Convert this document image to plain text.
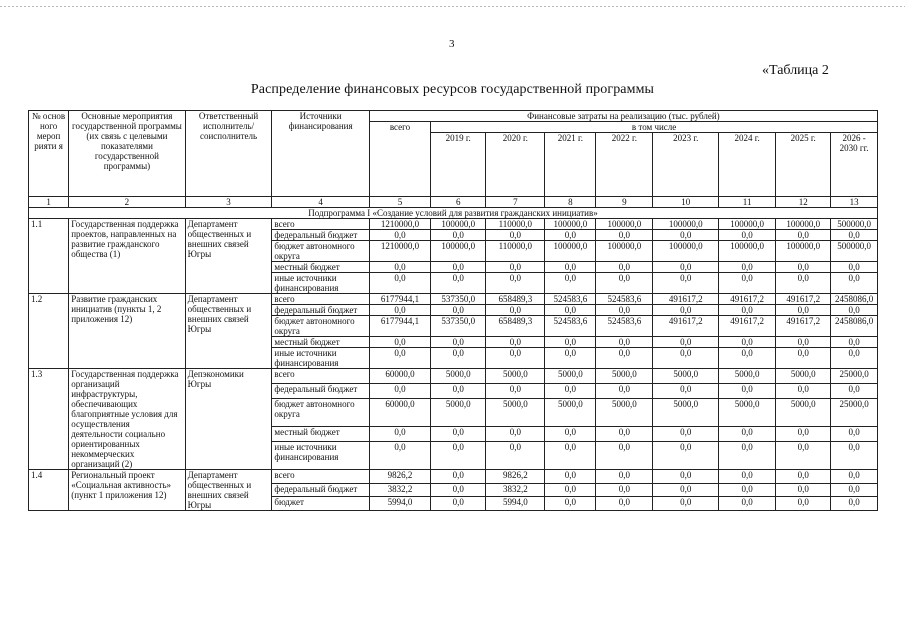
3
«Таблица 2
Распределение финансовых ресурсов государственной программы
№ основ ного мероп рияти я	Основные мероприятия государственной программы (их связь с целевыми показателями государственной программы)	Ответственный исполнитель/ соисполнитель	Источники финансирования	Финансовые затраты на реализацию (тыс. рублей)								
				всего	в том числе							
					2019 г.	2020 г.	2021 г.	2022 г.	2023 г.	2024 г.	2025 г.	2026 - 2030 гг.
1	2	3	4	5	6	7	8	9	10	11	12	13
Подпрограмма I «Создание условий для развития гражданских инициатив»												
1.1	Государственная поддержка проектов, направленных на развитие гражданского общества (1)	Департамент общественных и внешних связей Югры	всего	1210000,0	100000,0	110000,0	100000,0	100000,0	100000,0	100000,0	100000,0	500000,0
			федеральный бюджет	0,0	0,0	0,0	0,0	0,0	0,0	0,0	0,0	0,0
			бюджет автономного округа	1210000,0	100000,0	110000,0	100000,0	100000,0	100000,0	100000,0	100000,0	500000,0
			местный бюджет	0,0	0,0	0,0	0,0	0,0	0,0	0,0	0,0	0,0
			иные источники финансирования	0,0	0,0	0,0	0,0	0,0	0,0	0,0	0,0	0,0
1.2	Развитие гражданских инициатив (пункты 1, 2 приложения 12)	Департамент общественных и внешних связей Югры	всего	6177944,1	537350,0	658489,3	524583,6	524583,6	491617,2	491617,2	491617,2	2458086,0
			федеральный бюджет	0,0	0,0	0,0	0,0	0,0	0,0	0,0	0,0	0,0
			бюджет автономного округа	6177944,1	537350,0	658489,3	524583,6	524583,6	491617,2	491617,2	491617,2	2458086,0
			местный бюджет	0,0	0,0	0,0	0,0	0,0	0,0	0,0	0,0	0,0
			иные источники финансирования	0,0	0,0	0,0	0,0	0,0	0,0	0,0	0,0	0,0
1.3	Государственная поддержка организаций инфраструктуры, обеспечивающих благоприятные условия для осуществления деятельности социально ориентированных некоммерческих организаций (2)	Депэкономики Югры	всего	60000,0	5000,0	5000,0	5000,0	5000,0	5000,0	5000,0	5000,0	25000,0
			федеральный бюджет	0,0	0,0	0,0	0,0	0,0	0,0	0,0	0,0	0,0
			бюджет автономного округа	60000,0	5000,0	5000,0	5000,0	5000,0	5000,0	5000,0	5000,0	25000,0
			местный бюджет	0,0	0,0	0,0	0,0	0,0	0,0	0,0	0,0	0,0
			иные источники финансирования	0,0	0,0	0,0	0,0	0,0	0,0	0,0	0,0	0,0
1.4	Региональный проект «Социальная активность» (пункт 1 приложения 12)	Департамент общественных и внешних связей Югры	всего	9826,2	0,0	9826,2	0,0	0,0	0,0	0,0	0,0	0,0
			федеральный бюджет	3832,2	0,0	3832,2	0,0	0,0	0,0	0,0	0,0	0,0
			бюджет	5994,0	0,0	5994,0	0,0	0,0	0,0	0,0	0,0	0,0
